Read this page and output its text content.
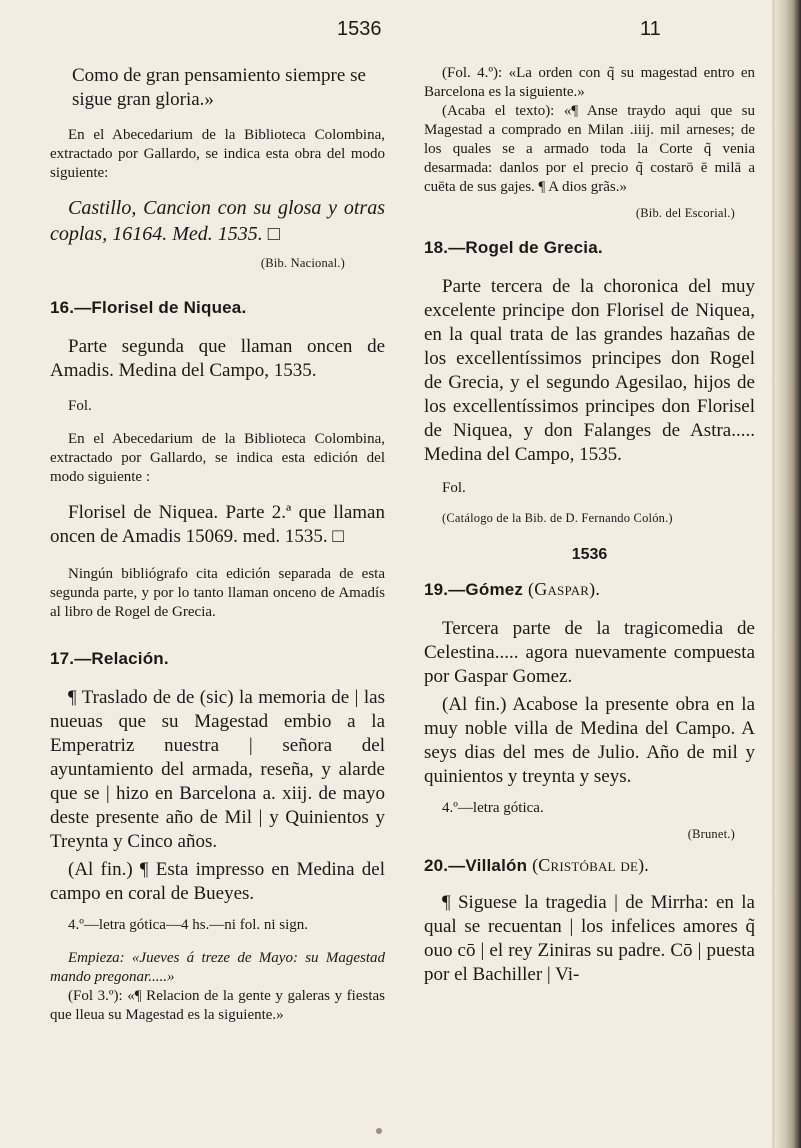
1536	11

Como de gran pensamiento siempre se sigue gran gloria.»

En el Abecedarium de la Biblioteca Colombina, extractado por Gallardo, se indica esta obra del modo siguiente:

Castillo, Cancion con su glosa y otras coplas, 16164. Med. 1535. □

(Bib. Nacional.)

16.—Florisel de Niquea.

Parte segunda que llaman oncen de Amadis. Medina del Campo, 1535.

Fol.

En el Abecedarium de la Biblioteca Colombina, extractado por Gallardo, se indica esta edición del modo siguiente :

Florisel de Niquea. Parte 2.ª que llaman oncen de Amadis 15069. med. 1535. □

Ningún bibliógrafo cita edición separada de esta segunda parte, y por lo tanto llaman onceno de Amadís al libro de Rogel de Grecia.

17.—Relación.

¶ Traslado de de (sic) la memoria de | las nueuas que su Magestad embio a la Emperatriz nuestra | señora del ayuntamiento del armada, reseña, y alarde que se | hizo en Barcelona a. xiij. de mayo deste presente año de Mil | y Quinientos y Treynta y Cinco años.

(Al fin.) ¶ Esta impresso en Medina del campo en coral de Bueyes.

4.º—letra gótica—4 hs.—ni fol. ni sign.

Empieza: «Jueves á treze de Mayo: su Magestad mando pregonar.....»

(Fol 3.º): «¶ Relacion de la gente y galeras y fiestas que lleua su Magestad es la siguiente.»

(Fol. 4.º): «La orden con q̃ su magestad entro en Barcelona es la siguiente.»

(Acaba el texto): «¶ Anse traydo aqui que su Magestad a comprado en Milan .iiij. mil arneses; de los quales se a armado toda la Corte q̃ venia desarmada: danlos por el precio q̃ costarō ē milā a cuēta de sus gajes. ¶ A dios grãs.»

(Bib. del Escorial.)

18.—Rogel de Grecia.

Parte tercera de la choronica del muy excelente principe don Florisel de Niquea, en la qual trata de las grandes hazañas de los excellentíssimos principes don Rogel de Grecia, y el segundo Agesilao, hijos de los excellentíssimos principes don Florisel de Niquea, y don Falanges de Astra..... Medina del Campo, 1535.

Fol.

(Catálogo de la Bib. de D. Fernando Colón.)

1536

19.—Gómez (Gaspar).

Tercera parte de la tragicomedia de Celestina..... agora nuevamente compuesta por Gaspar Gomez.

(Al fin.) Acabose la presente obra en la muy noble villa de Medina del Campo. A seys dias del mes de Julio. Año de mil y quinientos y treynta y seys.

4.º—letra gótica.

(Brunet.)

20.—Villalón (Cristóbal de).

¶ Siguese la tragedia | de Mirrha: en la qual se recuentan | los infelices amores q̃ ouo cō | el rey Ziniras su padre. Cō | puesta por el Bachiller | Vi-
